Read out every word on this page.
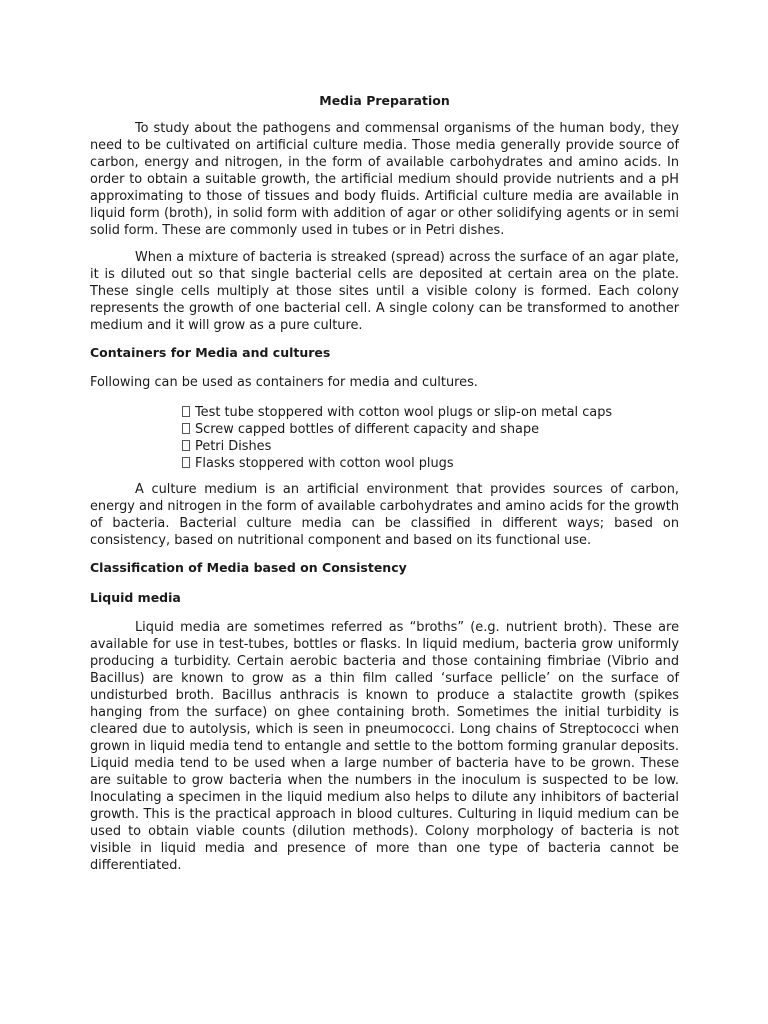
Media Preparation

To study about the pathogens and commensal organisms of the human body, they need to be cultivated on artificial culture media. Those media generally provide source of carbon, energy and nitrogen, in the form of available carbohydrates and amino acids. In order to obtain a suitable growth, the artificial medium should provide nutrients and a pH approximating to those of tissues and body fluids. Artificial culture media are available in liquid form (broth), in solid form with addition of agar or other solidifying agents or in semi solid form. These are commonly used in tubes or in Petri dishes.

When a mixture of bacteria is streaked (spread) across the surface of an agar plate, it is diluted out so that single bacterial cells are deposited at certain area on the plate. These single cells multiply at those sites until a visible colony is formed. Each colony represents the growth of one bacterial cell. A single colony can be transformed to another medium and it will grow as a pure culture.

Containers for Media and cultures

Following can be used as containers for media and cultures.

Test tube stoppered with cotton wool plugs or slip-on metal caps
Screw capped bottles of different capacity and shape
Petri Dishes
Flasks stoppered with cotton wool plugs

A culture medium is an artificial environment that provides sources of carbon, energy and nitrogen in the form of available carbohydrates and amino acids for the growth of bacteria. Bacterial culture media can be classified in different ways; based on consistency, based on nutritional component and based on its functional use.

Classification of Media based on Consistency
Liquid media

Liquid media are sometimes referred as “broths” (e.g. nutrient broth). These are available for use in test-tubes, bottles or flasks. In liquid medium, bacteria grow uniformly producing a turbidity. Certain aerobic bacteria and those containing fimbriae (Vibrio and Bacillus) are known to grow as a thin film called ‘surface pellicle’ on the surface of undisturbed broth. Bacillus anthracis is known to produce a stalactite growth (spikes hanging from the surface) on ghee containing broth. Sometimes the initial turbidity is cleared due to autolysis, which is seen in pneumococci. Long chains of Streptococci when grown in liquid media tend to entangle and settle to the bottom forming granular deposits. Liquid media tend to be used when a large number of bacteria have to be grown. These are suitable to grow bacteria when the numbers in the inoculum is suspected to be low. Inoculating a specimen in the liquid medium also helps to dilute any inhibitors of bacterial growth. This is the practical approach in blood cultures. Culturing in liquid medium can be used to obtain viable counts (dilution methods). Colony morphology of bacteria is not visible in liquid media and presence of more than one type of bacteria cannot be differentiated.
